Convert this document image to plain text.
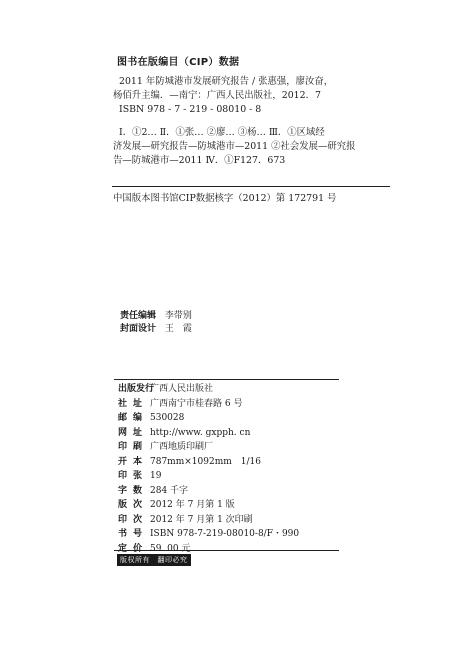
图书在版编目（CIP）数据
2011 年防城港市发展研究报告 / 张惠强，廖汝奋，
杨佰升主编．—南宁：广西人民出版社，2012．7
ISBN 978 - 7 - 219 - 08010 - 8
Ⅰ．①2… Ⅱ．①张… ②廖… ③杨… Ⅲ．①区域经
济发展—研究报告—防城港市—2011 ②社会发展—研究报
告—防城港市—2011 Ⅳ．①F127．673
中国版本图书馆CIP数据核字（2012）第 172791 号
责任编辑 李带别
封面设计 王　霞
出版发行广西人民出版社
社址 广西南宁市桂春路 6 号
邮编 530028
网址 http://www. gxpph. cn
印刷 广西地质印刷厂
开本 787mm×1092mm　1/16
印张 19
字数 284 千字
版次 2012 年 7 月第 1 版
印次 2012 年 7 月第 1 次印刷
书号 ISBN 978-7-219-08010-8/F・990
定价 59. 00 元
版权所有　翻印必究
